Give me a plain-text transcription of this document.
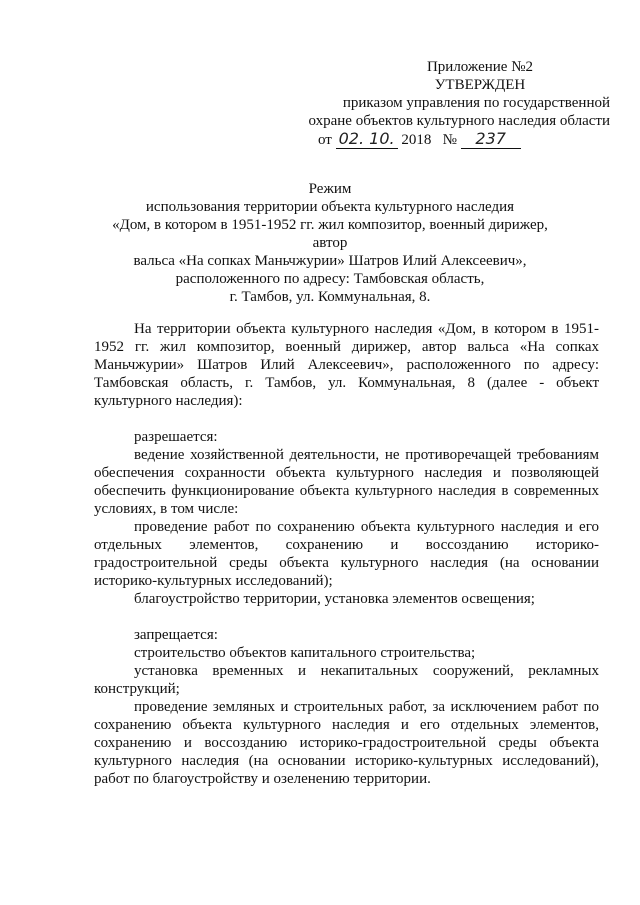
Приложение №2
УТВЕРЖДЕН
приказом управления по государственной
охране объектов культурного наследия области
от 02. 10. 2018 № 237
Режим
использования территории объекта культурного наследия
«Дом, в котором в 1951-1952 гг. жил композитор, военный дирижер, автор
вальса «На сопках Маньчжурии» Шатров Илий Алексеевич»,
расположенного по адресу: Тамбовская область,
г. Тамбов, ул. Коммунальная, 8.

На территории объекта культурного наследия «Дом, в котором в 1951-1952 гг. жил композитор, военный дирижер, автор вальса «На сопках Маньчжурии» Шатров Илий Алексеевич», расположенного по адресу: Тамбовская область, г. Тамбов, ул. Коммунальная, 8 (далее - объект культурного наследия):

разрешается:

ведение хозяйственной деятельности, не противоречащей требованиям обеспечения сохранности объекта культурного наследия и позволяющей обеспечить функционирование объекта культурного наследия в современных условиях, в том числе:

проведение работ по сохранению объекта культурного наследия и его отдельных элементов, сохранению и воссозданию историко-градостроительной среды объекта культурного наследия (на основании историко-культурных исследований);

благоустройство территории, установка элементов освещения;

запрещается:

строительство объектов капитального строительства;

установка временных и некапитальных сооружений, рекламных конструкций;

проведение земляных и строительных работ, за исключением работ по сохранению объекта культурного наследия и его отдельных элементов, сохранению и воссозданию историко-градостроительной среды объекта культурного наследия (на основании историко-культурных исследований), работ по благоустройству и озеленению территории.
